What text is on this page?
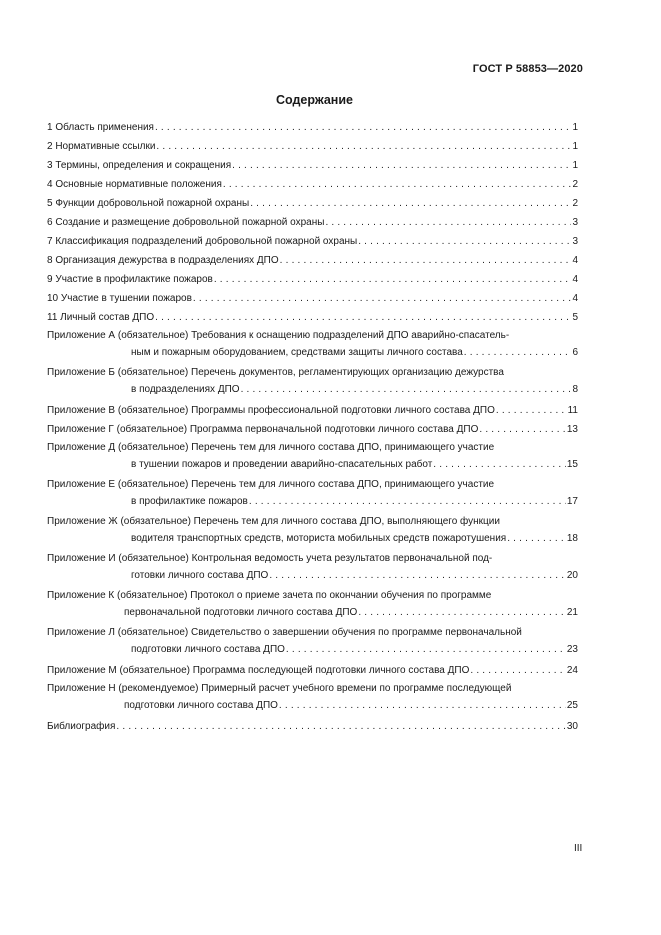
ГОСТ Р 58853—2020
Содержание
1 Область применения . . .	1
2 Нормативные ссылки . . .	1
3 Термины, определения и сокращения . . .	1
4 Основные нормативные положения . . .	2
5 Функции добровольной пожарной охраны . . .	2
6 Создание и размещение добровольной пожарной охраны . . .	3
7 Классификация подразделений добровольной пожарной охраны . . .	3
8 Организация дежурства в подразделениях ДПО . . .	4
9 Участие в профилактике пожаров . . .	4
10 Участие в тушении пожаров . . .	4
11 Личный состав ДПО . . .	5
Приложение А (обязательное) Требования к оснащению подразделений ДПО аварийно-спасатель-
ным и пожарным оборудованием, средствами защиты личного состава . . .	6
Приложение Б (обязательное) Перечень документов, регламентирующих организацию дежурства
в подразделениях ДПО . . .	8
Приложение В (обязательное) Программы профессиональной подготовки личного состава ДПО . . .	11
Приложение Г (обязательное) Программа первоначальной подготовки личного состава ДПО . . .	13
Приложение Д (обязательное) Перечень тем для личного состава ДПО, принимающего участие
в тушении пожаров и проведении аварийно-спасательных работ . . .	15
Приложение Е (обязательное) Перечень тем для личного состава ДПО, принимающего участие
в профилактике пожаров . . .	17
Приложение Ж (обязательное) Перечень тем для личного состава ДПО, выполняющего функции
водителя транспортных средств, моториста мобильных средств пожаротушения . . .	18
Приложение И (обязательное) Контрольная ведомость учета результатов первоначальной под-
готовки личного состава ДПО . . .	20
Приложение К (обязательное) Протокол о приеме зачета по окончании обучения по программе
первоначальной подготовки личного состава ДПО . . .	21
Приложение Л (обязательное) Свидетельство о завершении обучения по программе первоначальной
подготовки личного состава ДПО . . .	23
Приложение М (обязательное) Программа последующей подготовки личного состава ДПО . . .	24
Приложение Н (рекомендуемое) Примерный расчет учебного времени по программе последующей
подготовки личного состава ДПО . . .	25
Библиография . . .	30
III
